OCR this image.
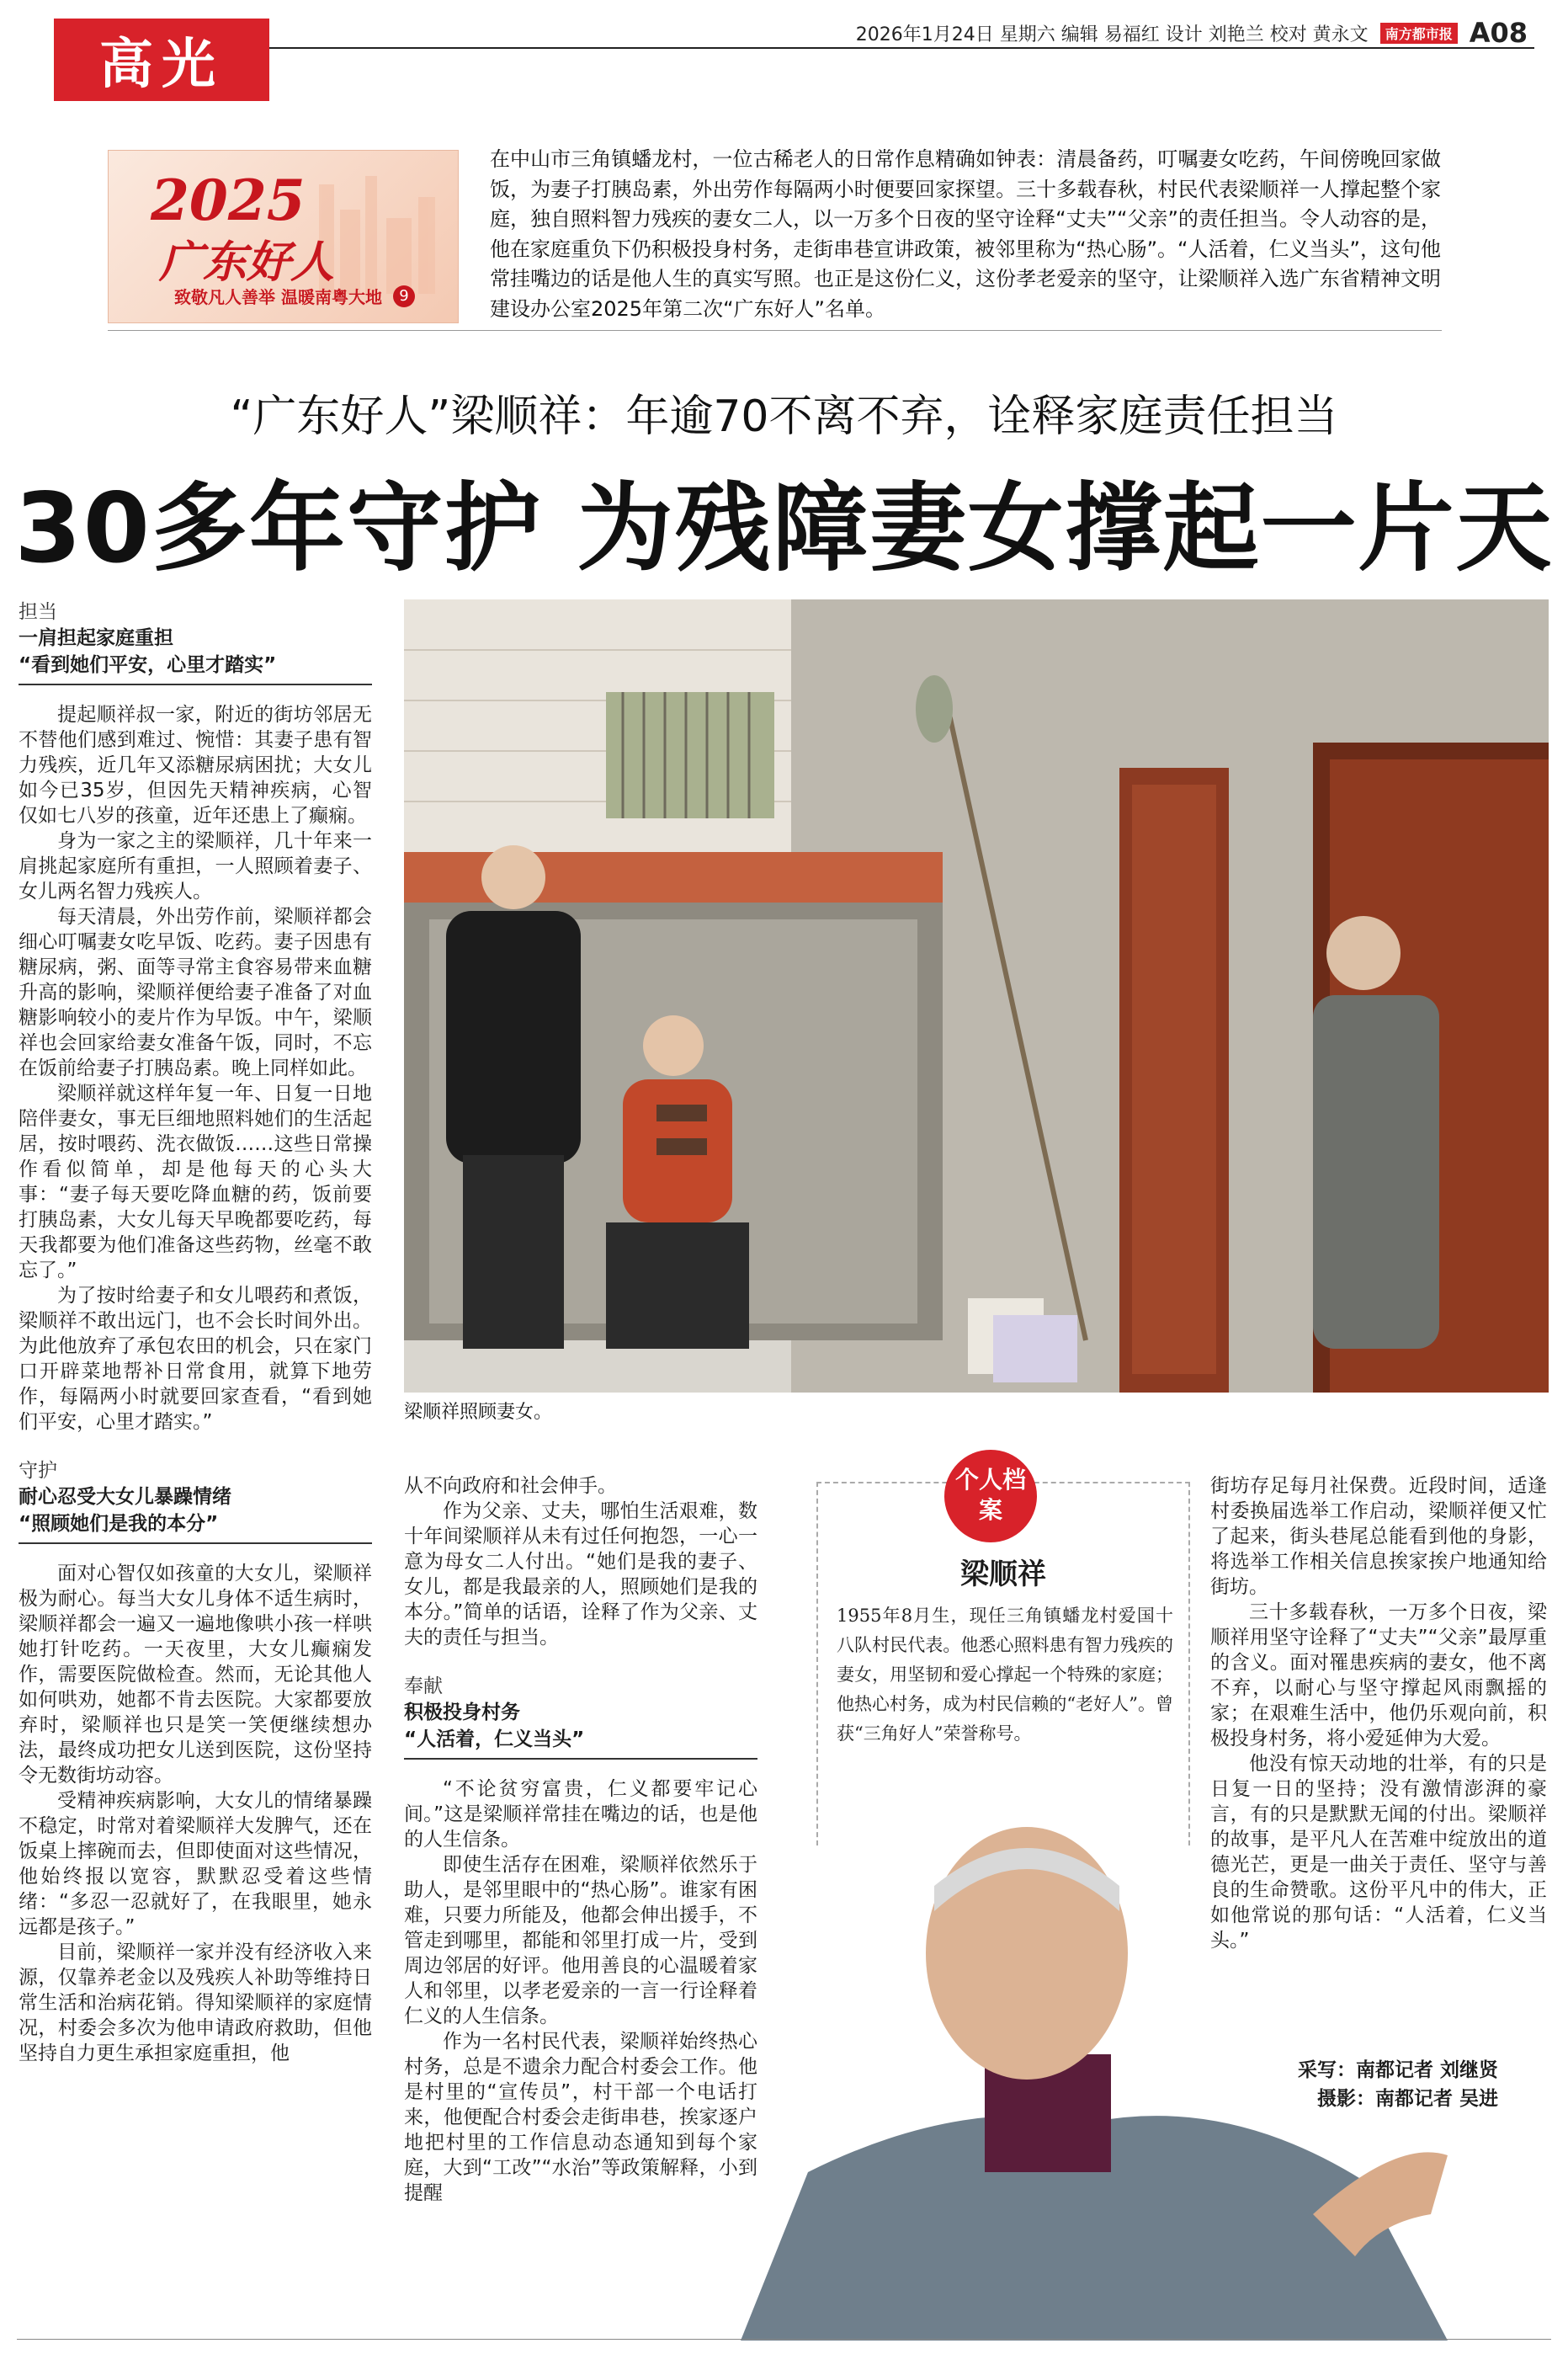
高光	2026年1月24日 星期六 编辑 易福红 设计 刘艳兰 校对 黄永文	南方都市报 A08
2025
广东好人
致敬凡人善举 温暖南粤大地	9
在中山市三角镇蟠龙村，一位古稀老人的日常作息精确如钟表：清晨备药，叮嘱妻女吃药，午间傍晚回家做饭，为妻子打胰岛素，外出劳作每隔两小时便要回家探望。三十多载春秋，村民代表梁顺祥一人撑起整个家庭，独自照料智力残疾的妻女二人，以一万多个日夜的坚守诠释“丈夫”“父亲”的责任担当。令人动容的是，他在家庭重负下仍积极投身村务，走街串巷宣讲政策，被邻里称为“热心肠”。“人活着，仁义当头”，这句他常挂嘴边的话是他人生的真实写照。也正是这份仁义，这份孝老爱亲的坚守，让梁顺祥入选广东省精神文明建设办公室2025年第二次“广东好人”名单。
“广东好人”梁顺祥：年逾70不离不弃，诠释家庭责任担当
30多年守护 为残障妻女撑起一片天
担当
一肩担起家庭重担
“看到她们平安，心里才踏实”

提起顺祥叔一家，附近的街坊邻居无不替他们感到难过、惋惜：其妻子患有智力残疾，近几年又添糖尿病困扰；大女儿如今已35岁，但因先天精神疾病，心智仅如七八岁的孩童，近年还患上了癫痫。

身为一家之主的梁顺祥，几十年来一肩挑起家庭所有重担，一人照顾着妻子、女儿两名智力残疾人。

每天清晨，外出劳作前，梁顺祥都会细心叮嘱妻女吃早饭、吃药。妻子因患有糖尿病，粥、面等寻常主食容易带来血糖升高的影响，梁顺祥便给妻子准备了对血糖影响较小的麦片作为早饭。中午，梁顺祥也会回家给妻女准备午饭，同时，不忘在饭前给妻子打胰岛素。晚上同样如此。

梁顺祥就这样年复一年、日复一日地陪伴妻女，事无巨细地照料她们的生活起居，按时喂药、洗衣做饭……这些日常操作看似简单，却是他每天的心头大事：“妻子每天要吃降血糖的药，饭前要打胰岛素，大女儿每天早晚都要吃药，每天我都要为他们准备这些药物，丝毫不敢忘了。”

为了按时给妻子和女儿喂药和煮饭，梁顺祥不敢出远门，也不会长时间外出。为此他放弃了承包农田的机会，只在家门口开辟菜地帮补日常食用，就算下地劳作，每隔两小时就要回家查看，“看到她们平安，心里才踏实。”

守护
耐心忍受大女儿暴躁情绪
“照顾她们是我的本分”

面对心智仅如孩童的大女儿，梁顺祥极为耐心。每当大女儿身体不适生病时，梁顺祥都会一遍又一遍地像哄小孩一样哄她打针吃药。一天夜里，大女儿癫痫发作，需要医院做检查。然而，无论其他人如何哄劝，她都不肯去医院。大家都要放弃时，梁顺祥也只是笑一笑便继续想办法，最终成功把女儿送到医院，这份坚持令无数街坊动容。

受精神疾病影响，大女儿的情绪暴躁不稳定，时常对着梁顺祥大发脾气，还在饭桌上摔碗而去，但即使面对这些情况，他始终报以宽容，默默忍受着这些情绪：“多忍一忍就好了，在我眼里，她永远都是孩子。”

目前，梁顺祥一家并没有经济收入来源，仅靠养老金以及残疾人补助等维持日常生活和治病花销。得知梁顺祥的家庭情况，村委会多次为他申请政府救助，但他坚持自力更生承担家庭重担，他

梁顺祥照顾妻女。

从不向政府和社会伸手。

作为父亲、丈夫，哪怕生活艰难，数十年间梁顺祥从未有过任何抱怨，一心一意为母女二人付出。“她们是我的妻子、女儿，都是我最亲的人，照顾她们是我的本分。”简单的话语，诠释了作为父亲、丈夫的责任与担当。

奉献
积极投身村务
“人活着，仁义当头”

“不论贫穷富贵，仁义都要牢记心间。”这是梁顺祥常挂在嘴边的话，也是他的人生信条。

即使生活存在困难，梁顺祥依然乐于助人，是邻里眼中的“热心肠”。谁家有困难，只要力所能及，他都会伸出援手，不管走到哪里，都能和邻里打成一片，受到周边邻居的好评。他用善良的心温暖着家人和邻里，以孝老爱亲的一言一行诠释着仁义的人生信条。

作为一名村民代表，梁顺祥始终热心村务，总是不遗余力配合村委会工作。他是村里的“宣传员”，村干部一个电话打来，他便配合村委会走街串巷，挨家逐户地把村里的工作信息动态通知到每个家庭，大到“工改”“水治”等政策解释，小到提醒

个人档案
梁顺祥
1955年8月生，现任三角镇蟠龙村爱国十八队村民代表。他悉心照料患有智力残疾的妻女，用坚韧和爱心撑起一个特殊的家庭；他热心村务，成为村民信赖的“老好人”。曾获“三角好人”荣誉称号。

街坊存足每月社保费。近段时间，适逢村委换届选举工作启动，梁顺祥便又忙了起来，街头巷尾总能看到他的身影，将选举工作相关信息挨家挨户地通知给街坊。

三十多载春秋，一万多个日夜，梁顺祥用坚守诠释了“丈夫”“父亲”最厚重的含义。面对罹患疾病的妻女，他不离不弃，以耐心与坚守撑起风雨飘摇的家；在艰难生活中，他仍乐观向前，积极投身村务，将小爱延伸为大爱。

他没有惊天动地的壮举，有的只是日复一日的坚持；没有激情澎湃的豪言，有的只是默默无闻的付出。梁顺祥的故事，是平凡人在苦难中绽放出的道德光芒，更是一曲关于责任、坚守与善良的生命赞歌。这份平凡中的伟大，正如他常说的那句话：“人活着，仁义当头。”

采写：南都记者 刘继贤
摄影：南都记者 吴进
